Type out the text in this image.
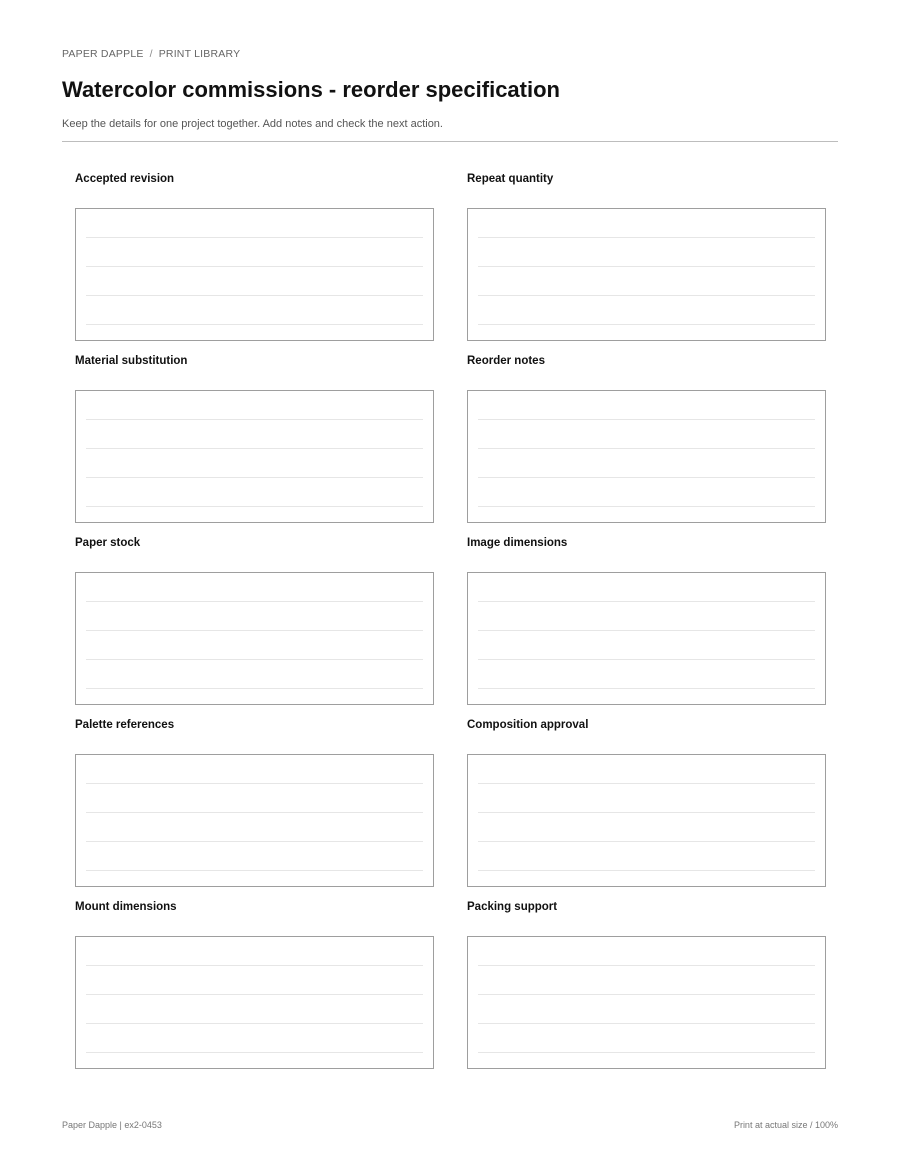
PAPER DAPPLE / PRINT LIBRARY
Watercolor commissions - reorder specification

Keep the details for one project together. Add notes and check the next action.

Accepted revision	Repeat quantity
Material substitution	Reorder notes
Paper stock	Image dimensions
Palette references	Composition approval
Mount dimensions	Packing support
Paper Dapple | ex2-0453	Print at actual size / 100%
